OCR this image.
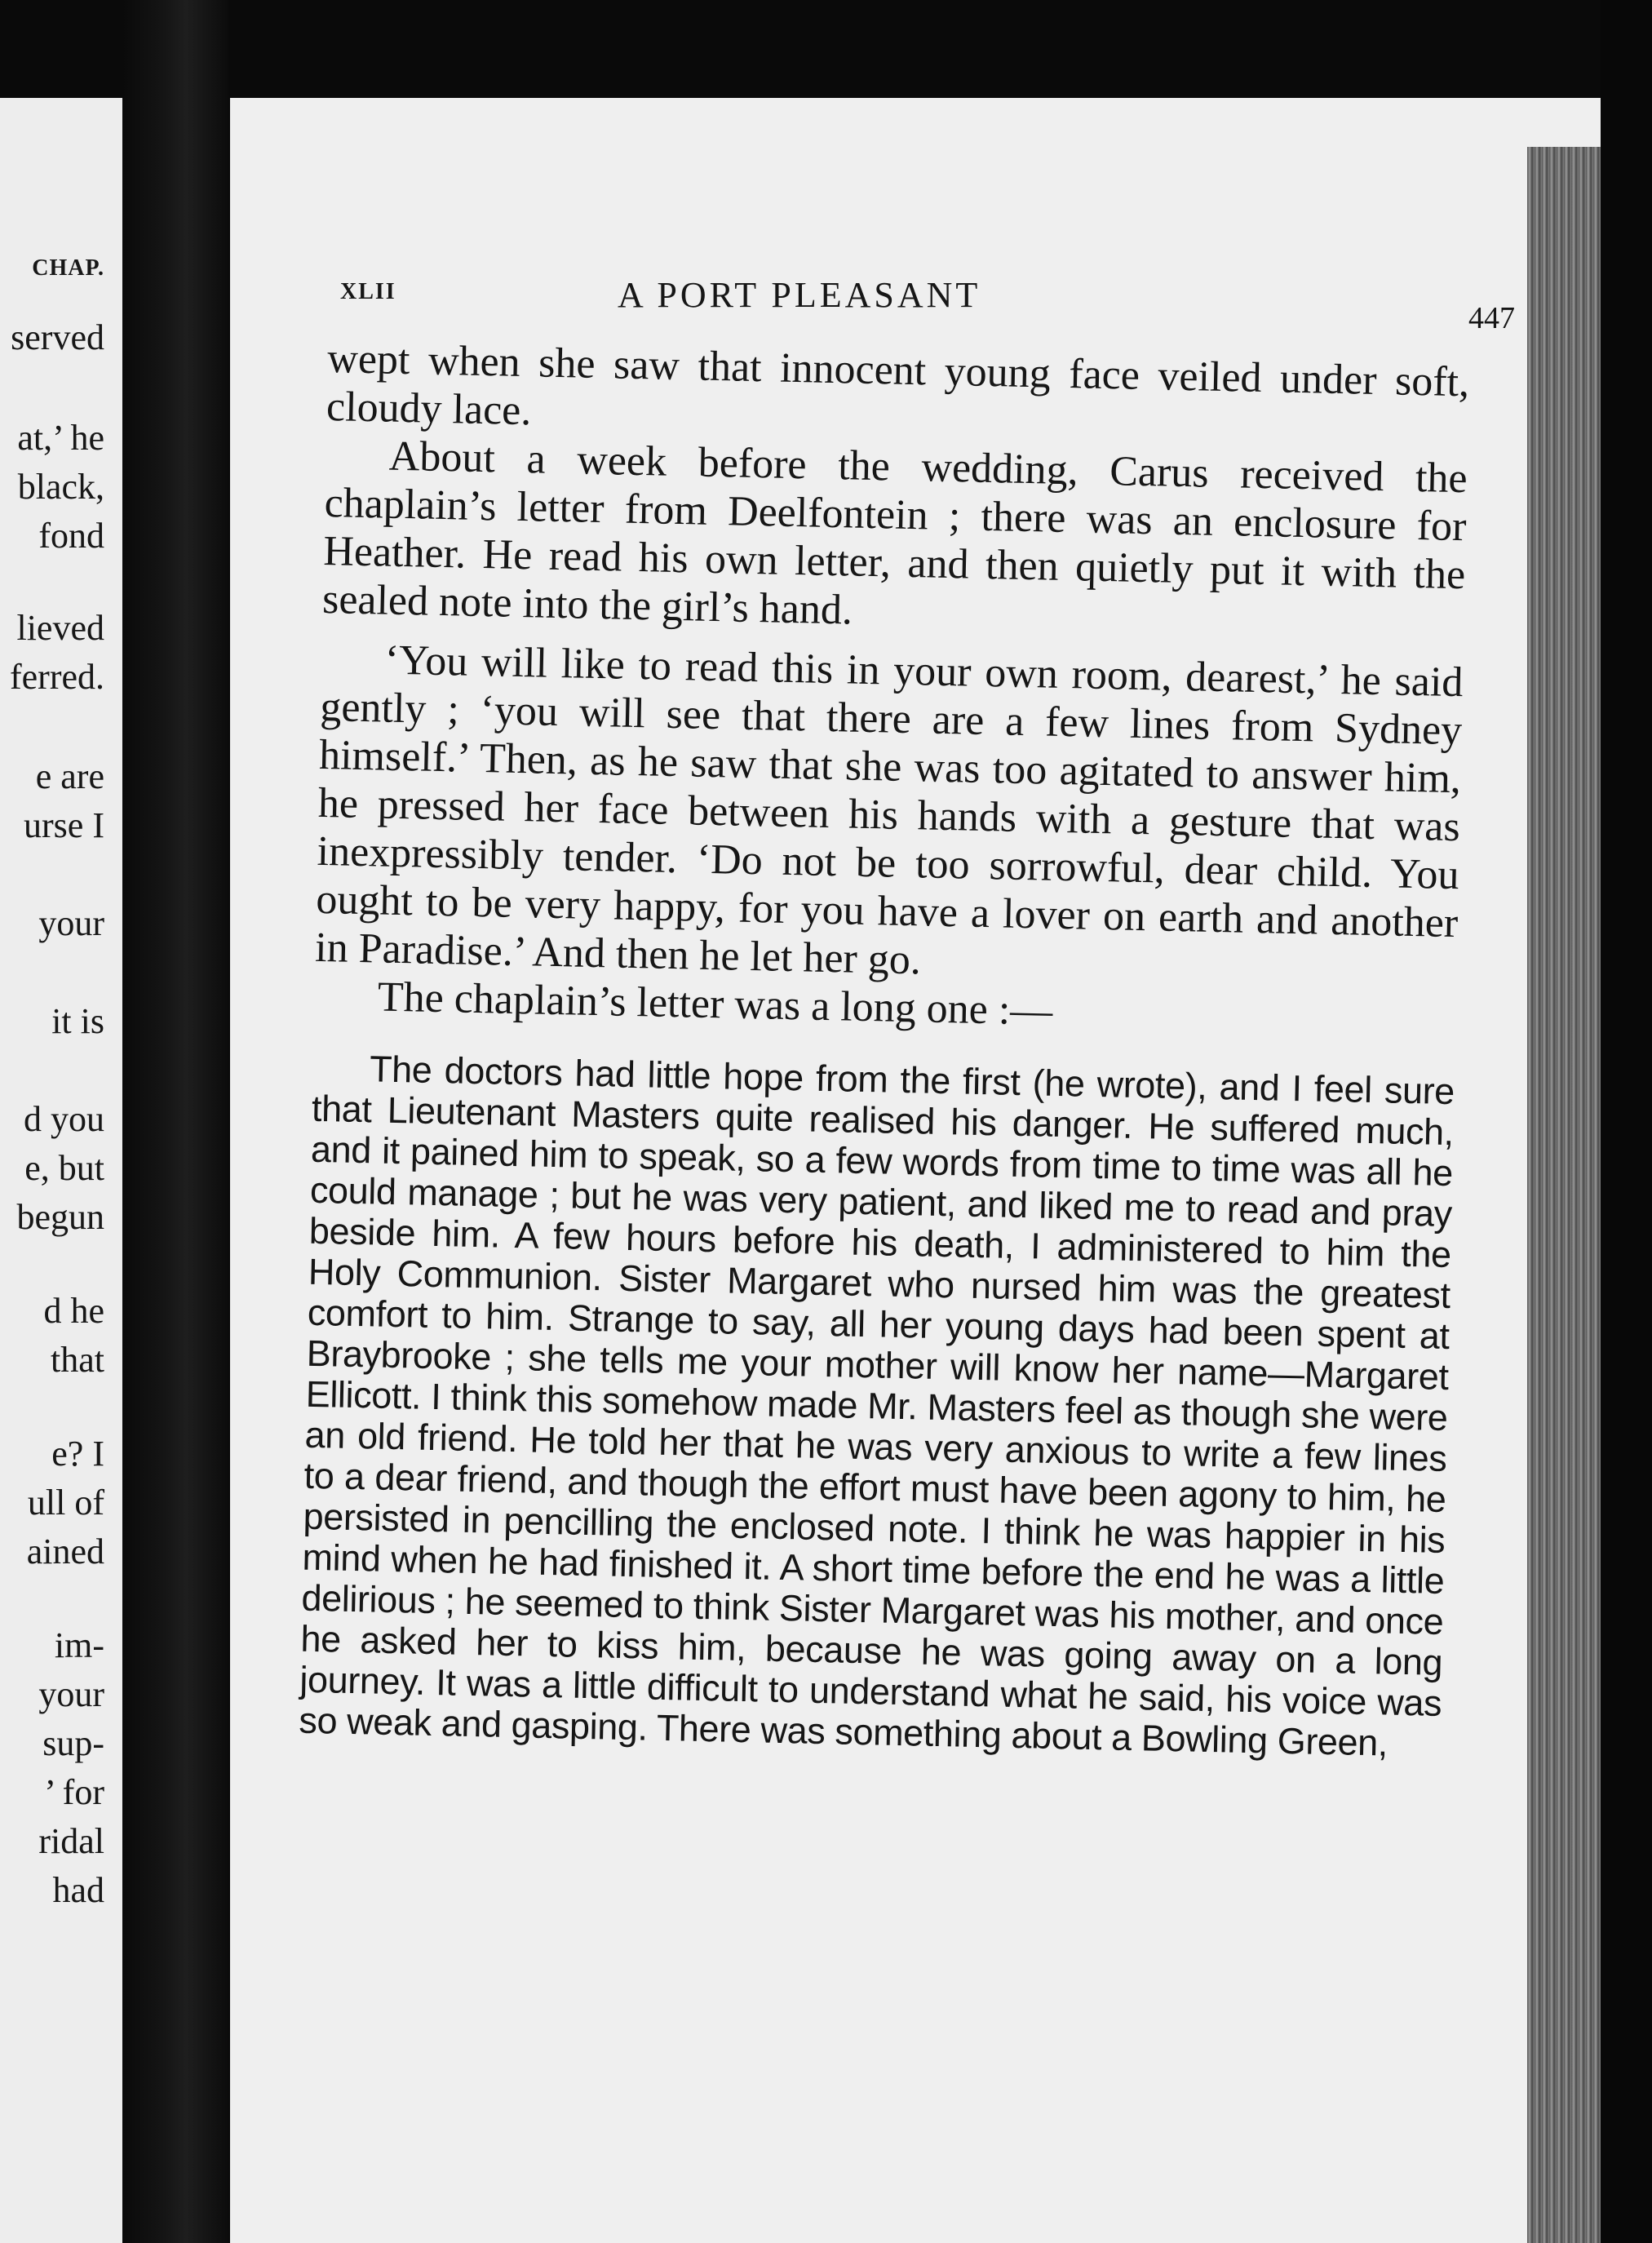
CHAP.
served
at,’ he
black,
fond
lieved
ferred.
e are
urse I
your
it is
d you
e, but
begun
d he
that
e? I
ull of
ained
im-
your
sup-
’ for
ridal
had
XLII	A PORT PLEASANT
447

wept when she saw that innocent young face veiled under soft, cloudy lace.

About a week before the wedding, Carus received the chaplain’s letter from Deelfontein ; there was an enclosure for Heather. He read his own letter, and then quietly put it with the sealed note into the girl’s hand.

‘You will like to read this in your own room, dearest,’ he said gently ; ‘you will see that there are a few lines from Sydney himself.’ Then, as he saw that she was too agitated to answer him, he pressed her face between his hands with a gesture that was inexpressibly tender. ‘Do not be too sorrowful, dear child. You ought to be very happy, for you have a lover on earth and another in Paradise.’ And then he let her go.

The chaplain’s letter was a long one :—

The doctors had little hope from the first (he wrote), and I feel sure that Lieutenant Masters quite realised his danger. He suffered much, and it pained him to speak, so a few words from time to time was all he could manage ; but he was very patient, and liked me to read and pray beside him. A few hours before his death, I administered to him the Holy Communion. Sister Margaret who nursed him was the greatest comfort to him. Strange to say, all her young days had been spent at Braybrooke ; she tells me your mother will know her name—Margaret Ellicott. I think this somehow made Mr. Masters feel as though she were an old friend. He told her that he was very anxious to write a few lines to a dear friend, and though the effort must have been agony to him, he persisted in pencilling the enclosed note. I think he was happier in his mind when he had finished it. A short time before the end he was a little delirious ; he seemed to think Sister Margaret was his mother, and once he asked her to kiss him, because he was going away on a long journey. It was a little difficult to understand what he said, his voice was so weak and gasping. There was something about a Bowling Green,
